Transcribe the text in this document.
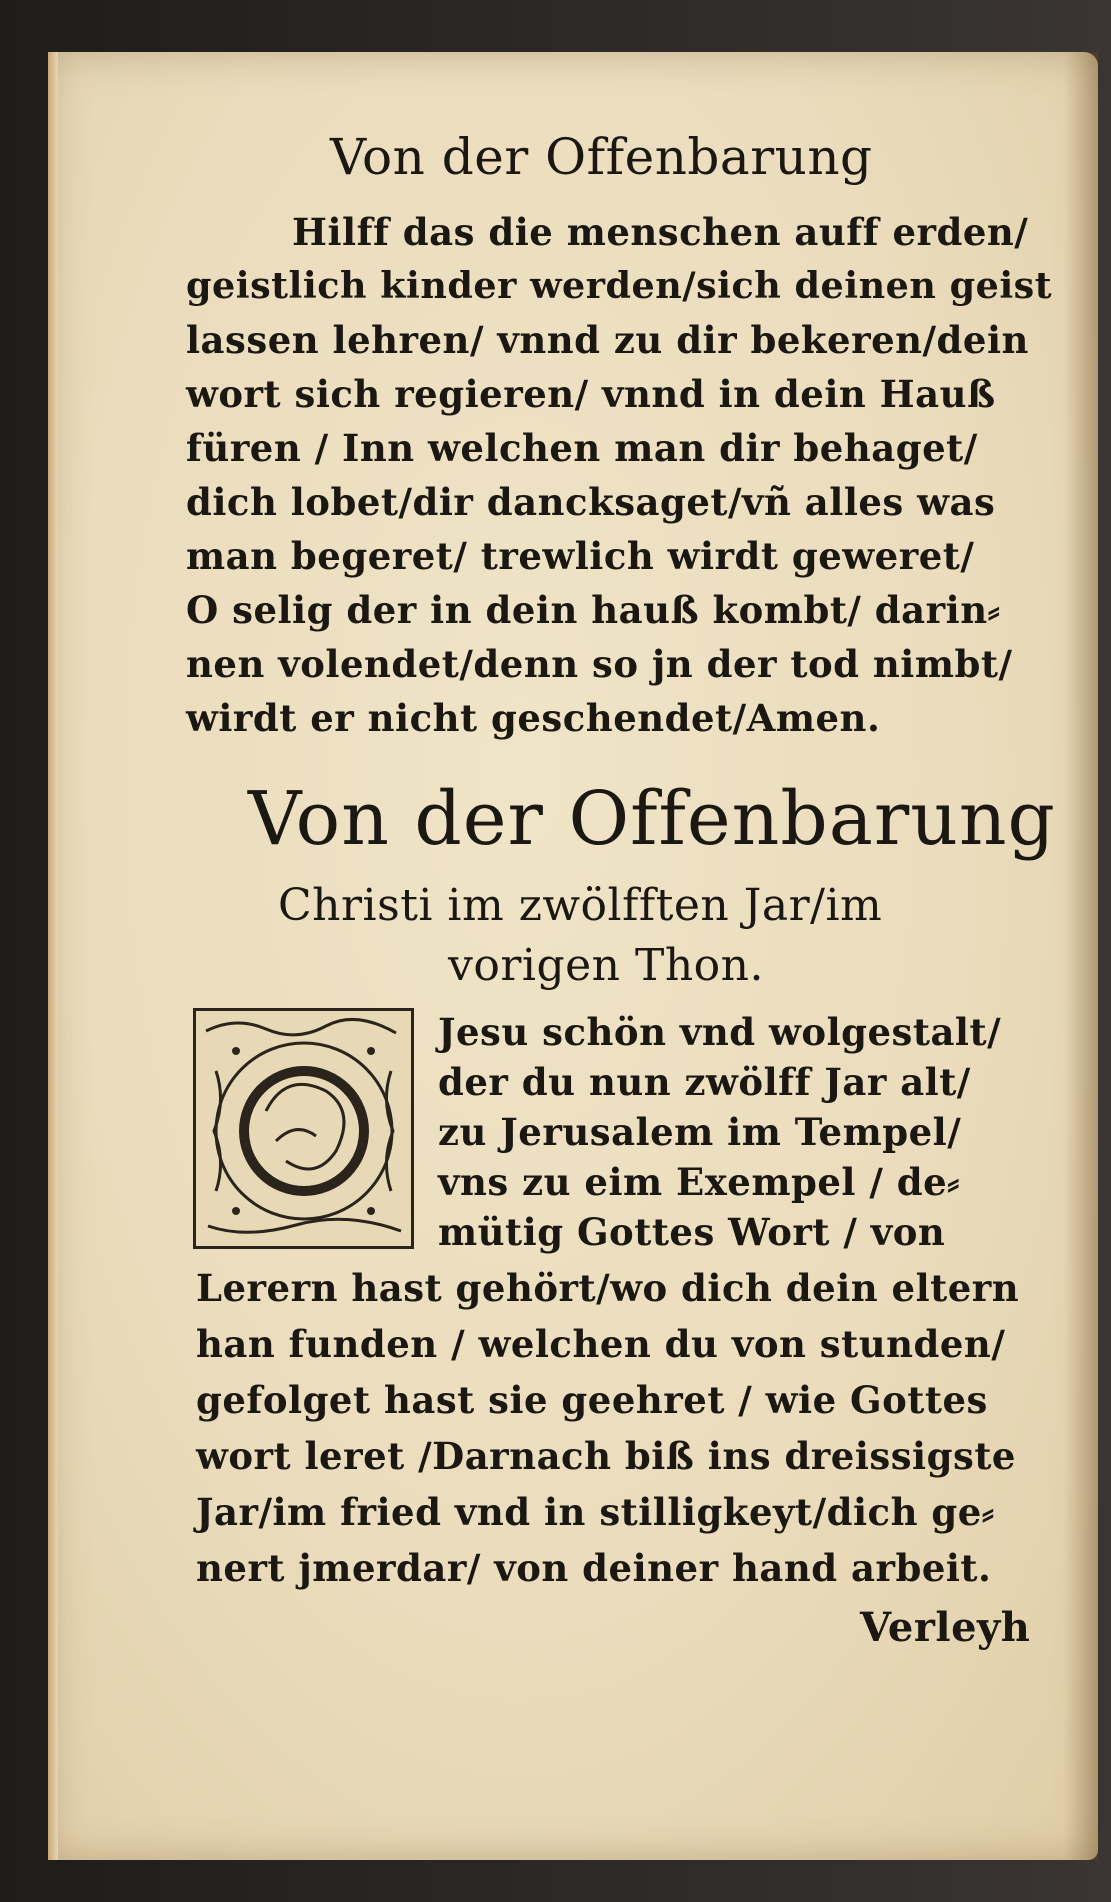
Von der Offenbarung
Hilff das die menschen auff erden/
geistlich kinder werden/sich deinen geist
lassen lehren/ vnnd zu dir bekeren/dein
wort sich regieren/ vnnd in dein Hauß
füren / Inn welchen man dir behaget/
dich lobet/dir dancksaget/vñ alles was
man begeret/ trewlich wirdt geweret/
O selig der in dein hauß kombt/ darin⸗
nen volendet/denn so jn der tod nimbt/
wirdt er nicht geschendet/Amen.
Von der Offenbarung
Christi im zwölfften Jar/im
vorigen Thon.
Jesu schön vnd wolgestalt/
der du nun zwölff Jar alt/
zu Jerusalem im Tempel/
vns zu eim Exempel / de⸗
mütig Gottes Wort / von
Lerern hast gehört/wo dich dein eltern
han funden / welchen du von stunden/
gefolget hast sie geehret / wie Gottes
wort leret /Darnach biß ins dreissigste
Jar/im fried vnd in stilligkeyt/dich ge⸗
nert jmerdar/ von deiner hand arbeit.
Verleyh
